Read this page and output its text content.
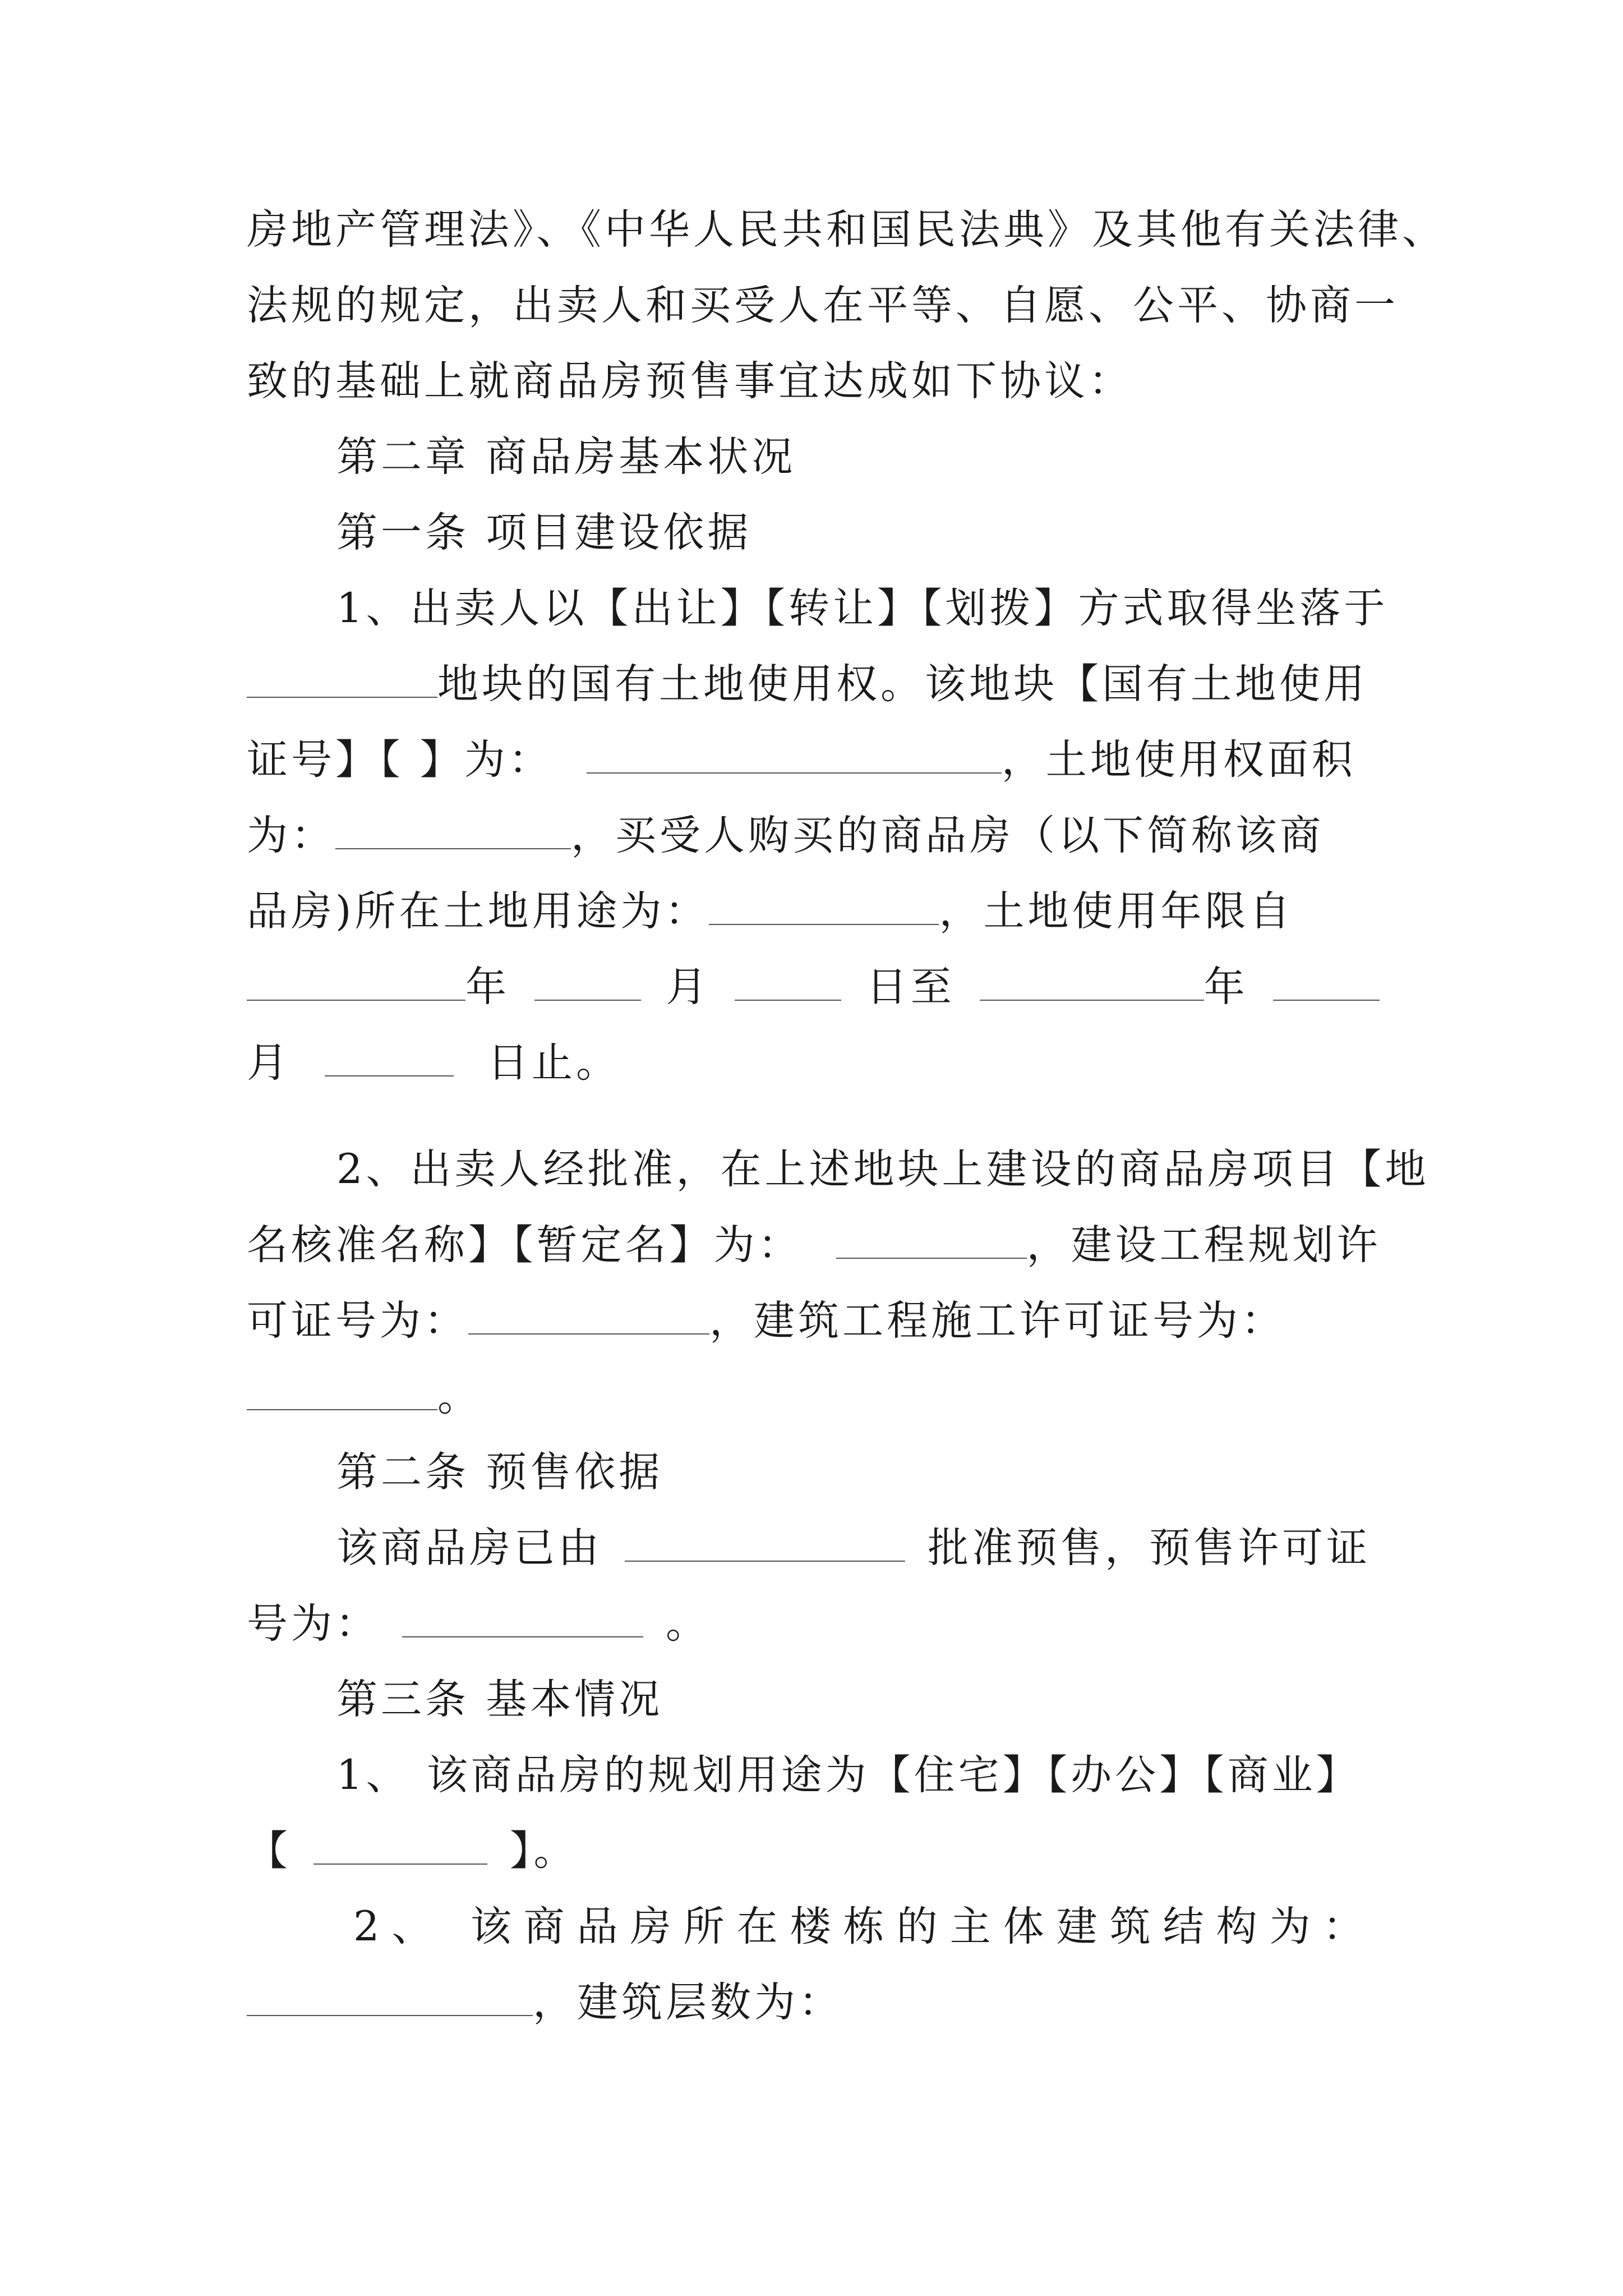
房地产管理法》、《中华人民共和国民法典》及其他有关法律、
法规的规定，出卖人和买受人在平等、自愿、公平、协商一
致的基础上就商品房预售事宜达成如下协议：
第二章 商品房基本状况
第一条 项目建设依据
1、出卖人以【出让】【转让】【划拨】方式取得坐落于
地块的国有土地使用权。该地块【国有土地使用
证号】【 】为：	，土地使用权面积
为：	，买受人购买的商品房（以下简称该商
品房)所在土地用途为：	，土地使用年限自
年	月	日至	年
月	日止。
2、出卖人经批准，在上述地块上建设的商品房项目【地
名核准名称】【暂定名】为：	，建设工程规划许
可证号为：	，建筑工程施工许可证号为：
。
第二条 预售依据
该商品房已由	批准预售，预售许可证
号为：	。
第三条 基本情况
1、 该商品房的规划用途为【住宅】【办公】【商业】
【	】。
2、 该商品房所在楼栋的主体建筑结构为：
，建筑层数为：
